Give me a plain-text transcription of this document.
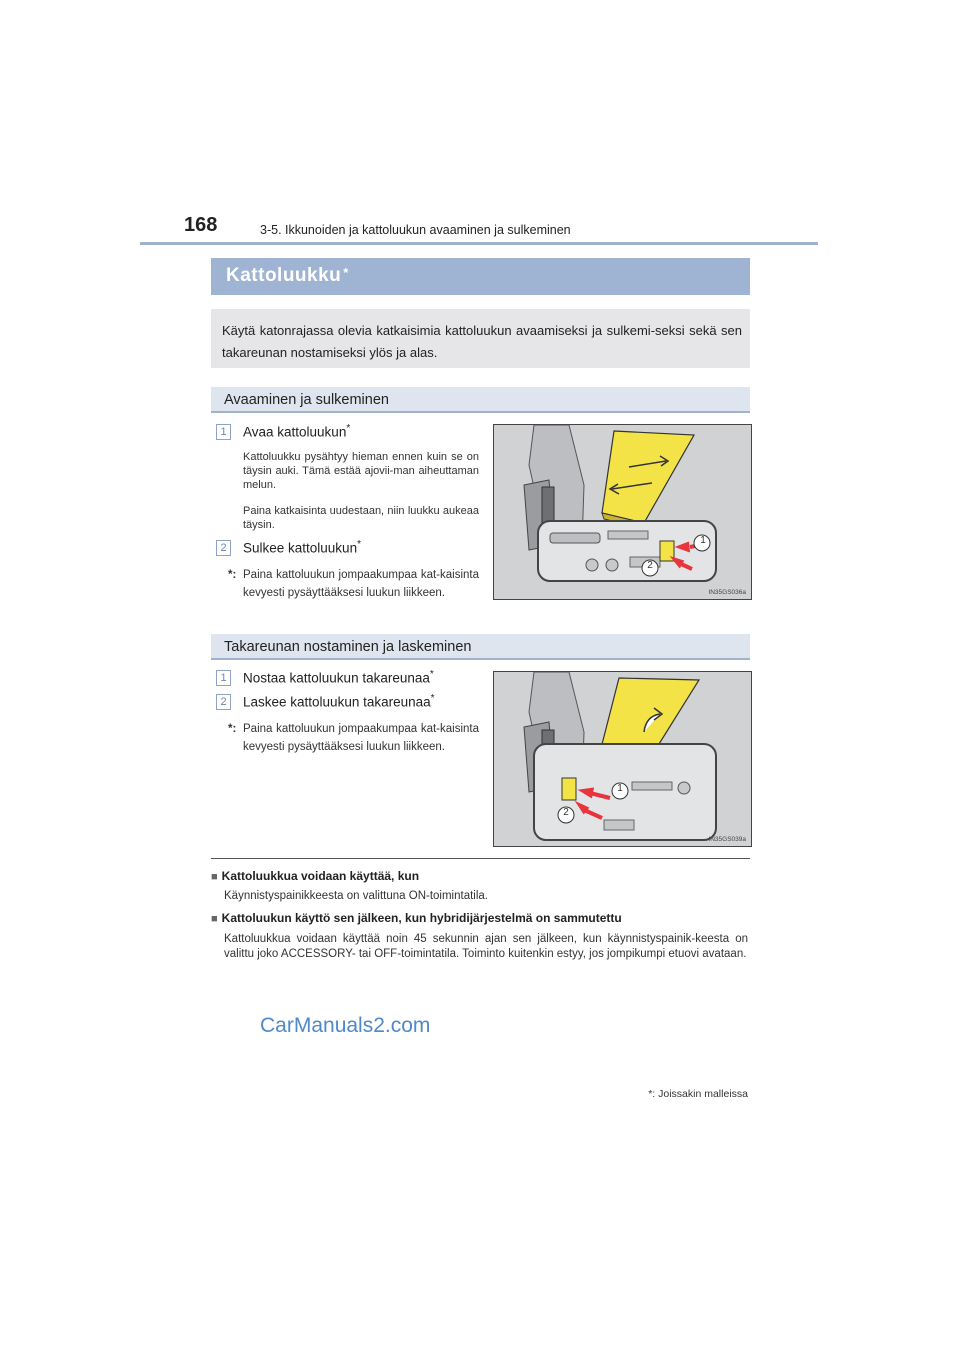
168	3-5. Ikkunoiden ja kattoluukun avaaminen ja sulkeminen
Kattoluukku *
Käytä katonrajassa olevia katkaisimia kattoluukun avaamiseksi ja sulkemi-seksi sekä sen takareunan nostamiseksi ylös ja alas.
Avaaminen ja sulkeminen
1	Avaa kattoluukun*
Kattoluukku pysähtyy hieman ennen kuin se on täysin auki. Tämä estää ajovii-man aiheuttaman melun.
Paina katkaisinta uudestaan, niin luukku aukeaa täysin.
2	Sulkee kattoluukun*
*: Paina kattoluukun jompaakumpaa kat-kaisinta kevyesti pysäyttääksesi luukun liikkeen.
1
2
IN35GS036a
Takareunan nostaminen ja laskeminen
1	Nostaa kattoluukun takareunaa*
2	Laskee kattoluukun takareunaa*
*: Paina kattoluukun jompaakumpaa kat-kaisinta kevyesti pysäyttääksesi luukun liikkeen.
1
2
IN35GS039a
■ Kattoluukkua voidaan käyttää, kun
Käynnistyspainikkeesta on valittuna ON-toimintatila.
■ Kattoluukun käyttö sen jälkeen, kun hybridijärjestelmä on sammutettu
Kattoluukkua voidaan käyttää noin 45 sekunnin ajan sen jälkeen, kun käynnistyspainik-keesta on valittu joko ACCESSORY- tai OFF-toimintatila. Toiminto kuitenkin estyy, jos jompikumpi etuovi avataan.
CarManuals2.com
*: Joissakin malleissa
